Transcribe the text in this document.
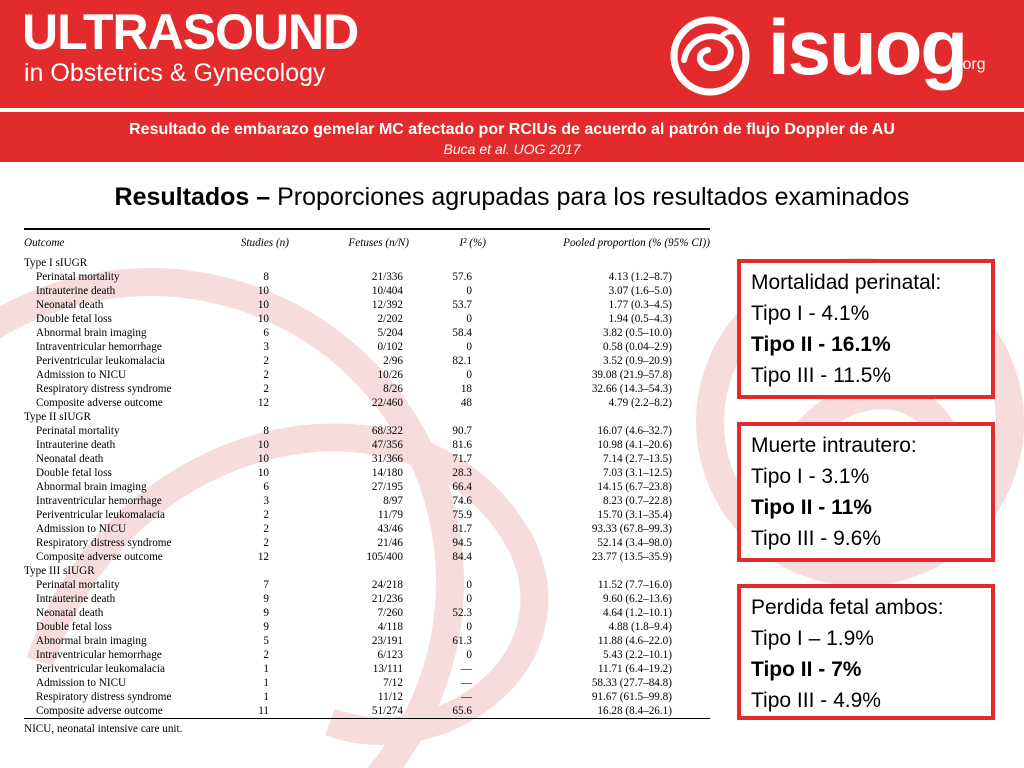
ULTRASOUND
in Obstetrics & Gynecology	isuog
.org
Resultado de embarazo gemelar MC afectado por RCIUs de acuerdo al patrón de flujo Doppler de AU
Buca et al. UOG 2017
Resultados – Proporciones agrupadas para los resultados examinados
Outcome	Studies (n)	Fetuses (n/N)	I² (%)	Pooled proportion (% (95% CI))
Type I sIUGR				
Perinatal mortality	8	21/336	57.6	4.13 (1.2–8.7)
Intrauterine death	10	10/404	0	3.07 (1.6–5.0)
Neonatal death	10	12/392	53.7	1.77 (0.3–4.5)
Double fetal loss	10	2/202	0	1.94 (0.5–4.3)
Abnormal brain imaging	6	5/204	58.4	3.82 (0.5–10.0)
Intraventricular hemorrhage	3	0/102	0	0.58 (0.04–2.9)
Periventricular leukomalacia	2	2/96	82.1	3.52 (0.9–20.9)
Admission to NICU	2	10/26	0	39.08 (21.9–57.8)
Respiratory distress syndrome	2	8/26	18	32.66 (14.3–54.3)
Composite adverse outcome	12	22/460	48	4.79 (2.2–8.2)
Type II sIUGR				
Perinatal mortality	8	68/322	90.7	16.07 (4.6–32.7)
Intrauterine death	10	47/356	81.6	10.98 (4.1–20.6)
Neonatal death	10	31/366	71.7	7.14 (2.7–13.5)
Double fetal loss	10	14/180	28.3	7.03 (3.1–12.5)
Abnormal brain imaging	6	27/195	66.4	14.15 (6.7–23.8)
Intraventricular hemorrhage	3	8/97	74.6	8.23 (0.7–22.8)
Periventricular leukomalacia	2	11/79	75.9	15.70 (3.1–35.4)
Admission to NICU	2	43/46	81.7	93.33 (67.8–99.3)
Respiratory distress syndrome	2	21/46	94.5	52.14 (3.4–98.0)
Composite adverse outcome	12	105/400	84.4	23.77 (13.5–35.9)
Type III sIUGR				
Perinatal mortality	7	24/218	0	11.52 (7.7–16.0)
Intrauterine death	9	21/236	0	9.60 (6.2–13.6)
Neonatal death	9	7/260	52.3	4.64 (1.2–10.1)
Double fetal loss	9	4/118	0	4.88 (1.8–9.4)
Abnormal brain imaging	5	23/191	61.3	11.88 (4.6–22.0)
Intraventricular hemorrhage	2	6/123	0	5.43 (2.2–10.1)
Periventricular leukomalacia	1	13/111	—	11.71 (6.4–19.2)
Admission to NICU	1	7/12	—	58.33 (27.7–84.8)
Respiratory distress syndrome	1	11/12	—	91.67 (61.5–99.8)
Composite adverse outcome	11	51/274	65.6	16.28 (8.4–26.1)
NICU, neonatal intensive care unit.
Mortalidad perinatal:
Tipo I - 4.1%
Tipo II - 16.1%
Tipo III - 11.5%
Muerte intrautero:
Tipo I - 3.1%
Tipo II - 11%
Tipo III - 9.6%
Perdida fetal ambos:
Tipo I – 1.9%
Tipo II - 7%
Tipo III - 4.9%
